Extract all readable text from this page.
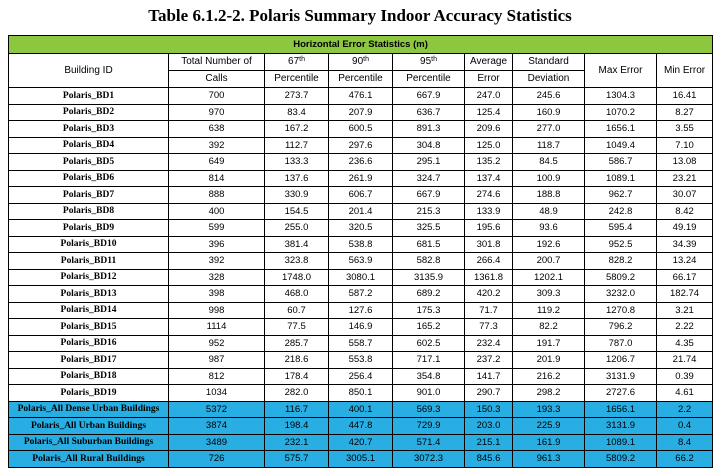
Table 6.1.2-2. Polaris Summary Indoor Accuracy Statistics
Horizontal Error Statistics (m)								
Building ID	Total Number of	67th	90th	95th	Average	Standard	Max Error	Min Error
	Calls	Percentile	Percentile	Percentile	Error	Deviation		
Polaris_BD1	700	273.7	476.1	667.9	247.0	245.6	1304.3	16.41
Polaris_BD2	970	83.4	207.9	636.7	125.4	160.9	1070.2	8.27
Polaris_BD3	638	167.2	600.5	891.3	209.6	277.0	1656.1	3.55
Polaris_BD4	392	112.7	297.6	304.8	125.0	118.7	1049.4	7.10
Polaris_BD5	649	133.3	236.6	295.1	135.2	84.5	586.7	13.08
Polaris_BD6	814	137.6	261.9	324.7	137.4	100.9	1089.1	23.21
Polaris_BD7	888	330.9	606.7	667.9	274.6	188.8	962.7	30.07
Polaris_BD8	400	154.5	201.4	215.3	133.9	48.9	242.8	8.42
Polaris_BD9	599	255.0	320.5	325.5	195.6	93.6	595.4	49.19
Polaris_BD10	396	381.4	538.8	681.5	301.8	192.6	952.5	34.39
Polaris_BD11	392	323.8	563.9	582.8	266.4	200.7	828.2	13.24
Polaris_BD12	328	1748.0	3080.1	3135.9	1361.8	1202.1	5809.2	66.17
Polaris_BD13	398	468.0	587.2	689.2	420.2	309.3	3232.0	182.74
Polaris_BD14	998	60.7	127.6	175.3	71.7	119.2	1270.8	3.21
Polaris_BD15	1114	77.5	146.9	165.2	77.3	82.2	796.2	2.22
Polaris_BD16	952	285.7	558.7	602.5	232.4	191.7	787.0	4.35
Polaris_BD17	987	218.6	553.8	717.1	237.2	201.9	1206.7	21.74
Polaris_BD18	812	178.4	256.4	354.8	141.7	216.2	3131.9	0.39
Polaris_BD19	1034	282.0	850.1	901.0	290.7	298.2	2727.6	4.61
Polaris_All Dense Urban Buildings	5372	116.7	400.1	569.3	150.3	193.3	1656.1	2.2
Polaris_All Urban Buildings	3874	198.4	447.8	729.9	203.0	225.9	3131.9	0.4
Polaris_All Suburban Buildings	3489	232.1	420.7	571.4	215.1	161.9	1089.1	8.4
Polaris_All Rural Buildings	726	575.7	3005.1	3072.3	845.6	961.3	5809.2	66.2
